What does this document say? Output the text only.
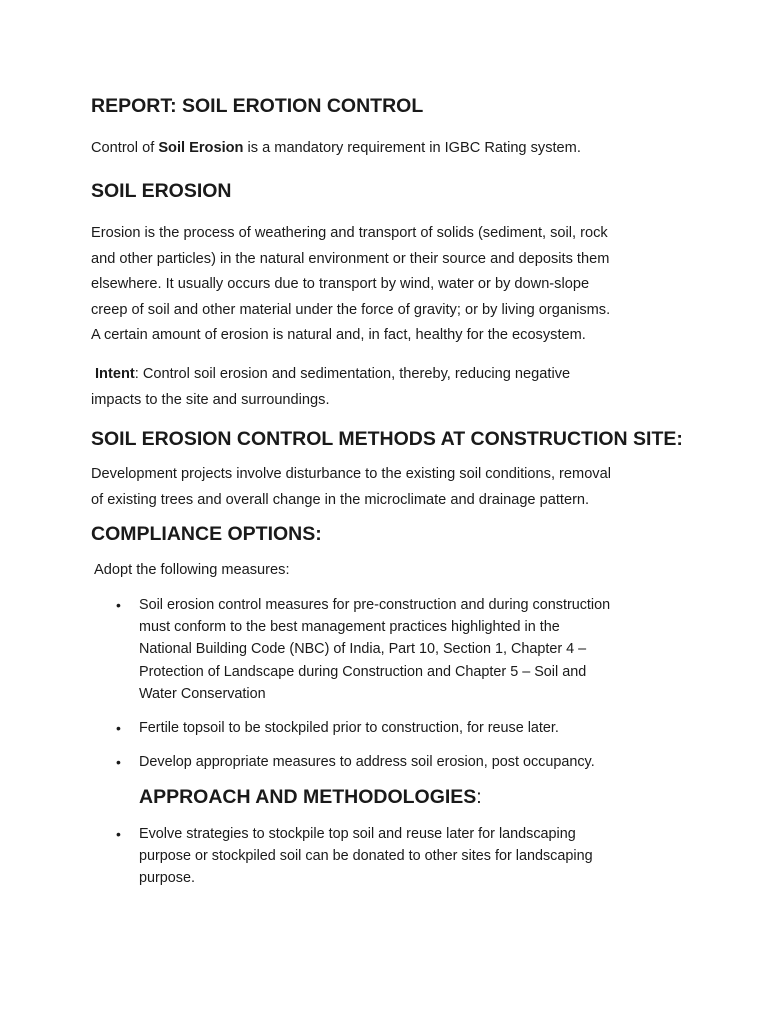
REPORT: SOIL EROTION CONTROL
Control of Soil Erosion is a mandatory requirement in IGBC Rating system.
SOIL EROSION
Erosion is the process of weathering and transport of solids (sediment, soil, rock
and other particles) in the natural environment or their source and deposits them
elsewhere. It usually occurs due to transport by wind, water or by down-slope
creep of soil and other material under the force of gravity; or by living organisms.
A certain amount of erosion is natural and, in fact, healthy for the ecosystem.
Intent: Control soil erosion and sedimentation, thereby, reducing negative
impacts to the site and surroundings.
SOIL EROSION CONTROL METHODS AT CONSTRUCTION SITE:
Development projects involve disturbance to the existing soil conditions, removal
of existing trees and overall change in the microclimate and drainage pattern.
COMPLIANCE OPTIONS:
Adopt the following measures:
• Soil erosion control measures for pre-construction and during construction
must conform to the best management practices highlighted in the
National Building Code (NBC) of India, Part 10, Section 1, Chapter 4 –
Protection of Landscape during Construction and Chapter 5 – Soil and
Water Conservation
• Fertile topsoil to be stockpiled prior to construction, for reuse later.
• Develop appropriate measures to address soil erosion, post occupancy.
APPROACH AND METHODOLOGIES:
• Evolve strategies to stockpile top soil and reuse later for landscaping
purpose or stockpiled soil can be donated to other sites for landscaping
purpose.
